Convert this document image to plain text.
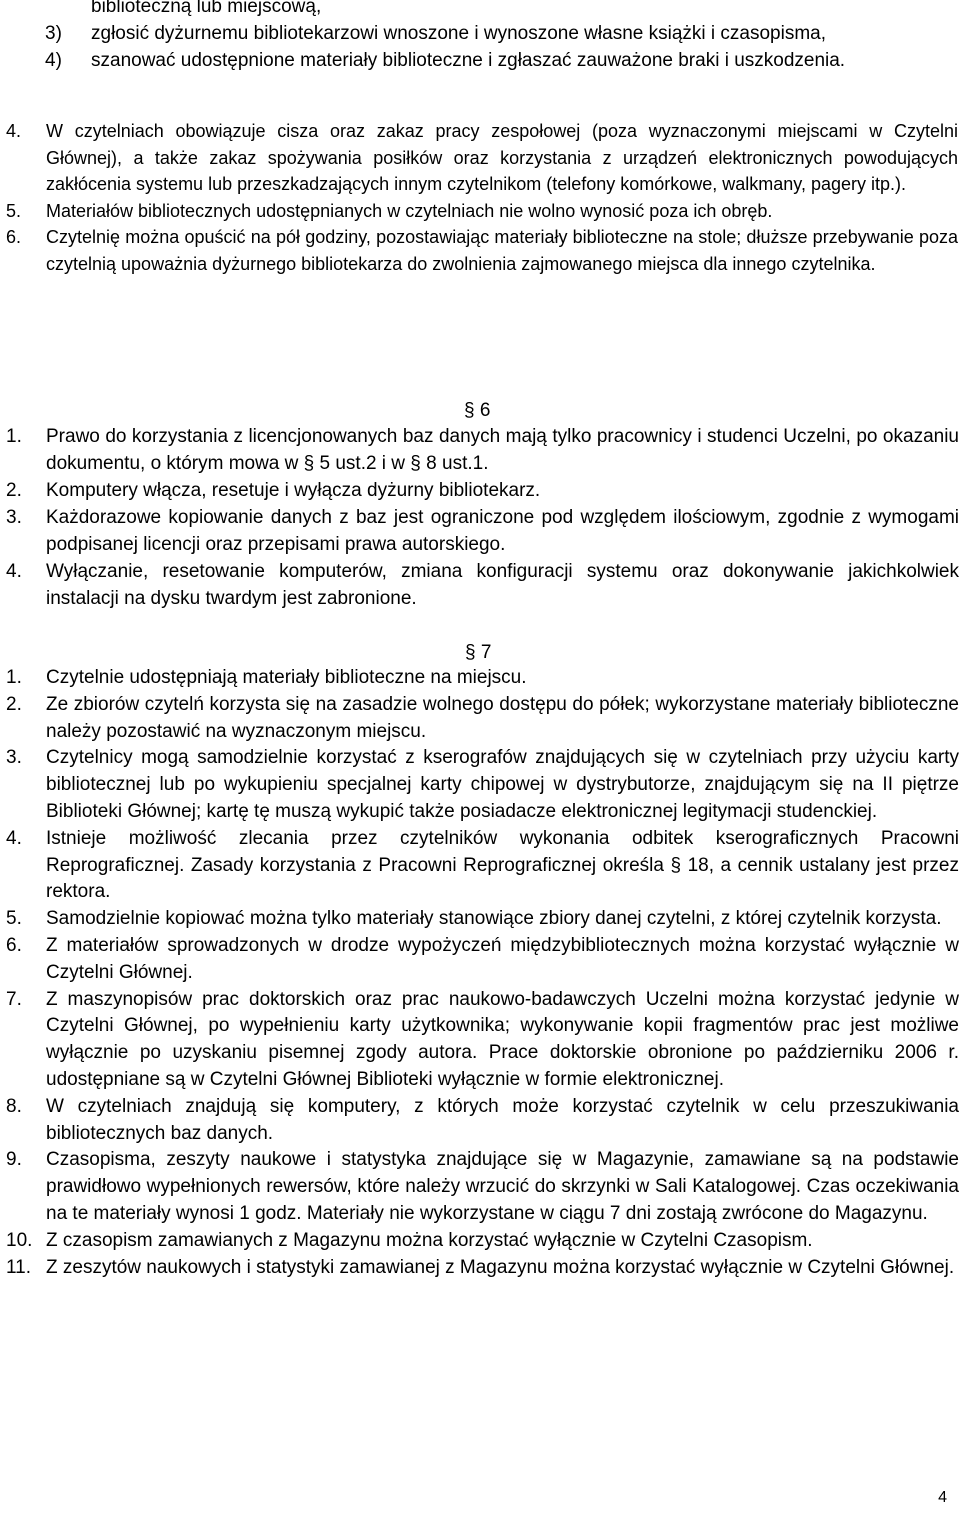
biblioteczną lub miejscową,
3) zgłosić dyżurnemu bibliotekarzowi wnoszone i wynoszone własne książki i czasopisma,
4) szanować udostępnione materiały biblioteczne i zgłaszać zauważone braki i uszkodzenia.
4. W czytelniach obowiązuje cisza oraz zakaz pracy zespołowej (poza wyznaczonymi miejscami w Czytelni Głównej), a także zakaz spożywania posiłków oraz korzystania z urządzeń elektronicznych powodujących zakłócenia systemu lub przeszkadzających innym czytelnikom (telefony komórkowe, walkmany, pagery itp.).
5. Materiałów bibliotecznych udostępnianych w czytelniach nie wolno wynosić poza ich obręb.
6. Czytelnię można opuścić na pół godziny, pozostawiając materiały biblioteczne na stole; dłuższe przebywanie poza czytelnią upoważnia dyżurnego bibliotekarza do zwolnienia zajmowanego miejsca dla innego czytelnika.
§ 6
1. Prawo do korzystania z licencjonowanych baz danych mają tylko pracownicy i studenci Uczelni, po okazaniu dokumentu, o którym mowa w § 5 ust.2 i w § 8 ust.1.
2. Komputery włącza, resetuje i wyłącza dyżurny bibliotekarz.
3. Każdorazowe kopiowanie danych z baz jest ograniczone pod względem ilościowym, zgodnie z wymogami podpisanej licencji oraz przepisami prawa autorskiego.
4. Wyłączanie, resetowanie komputerów, zmiana konfiguracji systemu oraz dokonywanie jakichkolwiek instalacji na dysku twardym jest zabronione.
§ 7
1. Czytelnie udostępniają materiały biblioteczne na miejscu.
2. Ze zbiorów czytelń korzysta się na zasadzie wolnego dostępu do półek; wykorzystane materiały biblioteczne należy pozostawić na wyznaczonym miejscu.
3. Czytelnicy mogą samodzielnie korzystać z kserografów znajdujących się w czytelniach przy użyciu karty bibliotecznej lub po wykupieniu specjalnej karty chipowej w dystrybutorze, znajdującym się na II piętrze Biblioteki Głównej; kartę tę muszą wykupić także posiadacze elektronicznej legitymacji studenckiej.
4. Istnieje możliwość zlecania przez czytelników wykonania odbitek kserograficznych Pracowni Reprograficznej. Zasady korzystania z Pracowni Reprograficznej określa § 18, a cennik ustalany jest przez rektora.
5. Samodzielnie kopiować można tylko materiały stanowiące zbiory danej czytelni, z której czytelnik korzysta.
6. Z materiałów sprowadzonych w drodze wypożyczeń międzybibliotecznych można korzystać wyłącznie w Czytelni Głównej.
7. Z maszynopisów prac doktorskich oraz prac naukowo-badawczych Uczelni można korzystać jedynie w Czytelni Głównej, po wypełnieniu karty użytkownika; wykonywanie kopii fragmentów prac jest możliwe wyłącznie po uzyskaniu pisemnej zgody autora. Prace doktorskie obronione po październiku 2006 r. udostępniane są w Czytelni Głównej Biblioteki wyłącznie w formie elektronicznej.
8. W czytelniach znajdują się komputery, z których może korzystać czytelnik w celu przeszukiwania bibliotecznych baz danych.
9. Czasopisma, zeszyty naukowe i statystyka znajdujące się w Magazynie, zamawiane są na podstawie prawidłowo wypełnionych rewersów, które należy wrzucić do skrzynki w Sali Katalogowej. Czas oczekiwania na te materiały wynosi 1 godz. Materiały nie wykorzystane w ciągu 7 dni zostają zwrócone do Magazynu.
10. Z czasopism zamawianych z Magazynu można korzystać wyłącznie w Czytelni Czasopism.
11. Z zeszytów naukowych i statystyki zamawianej z Magazynu można korzystać wyłącznie w Czytelni Głównej.
4
